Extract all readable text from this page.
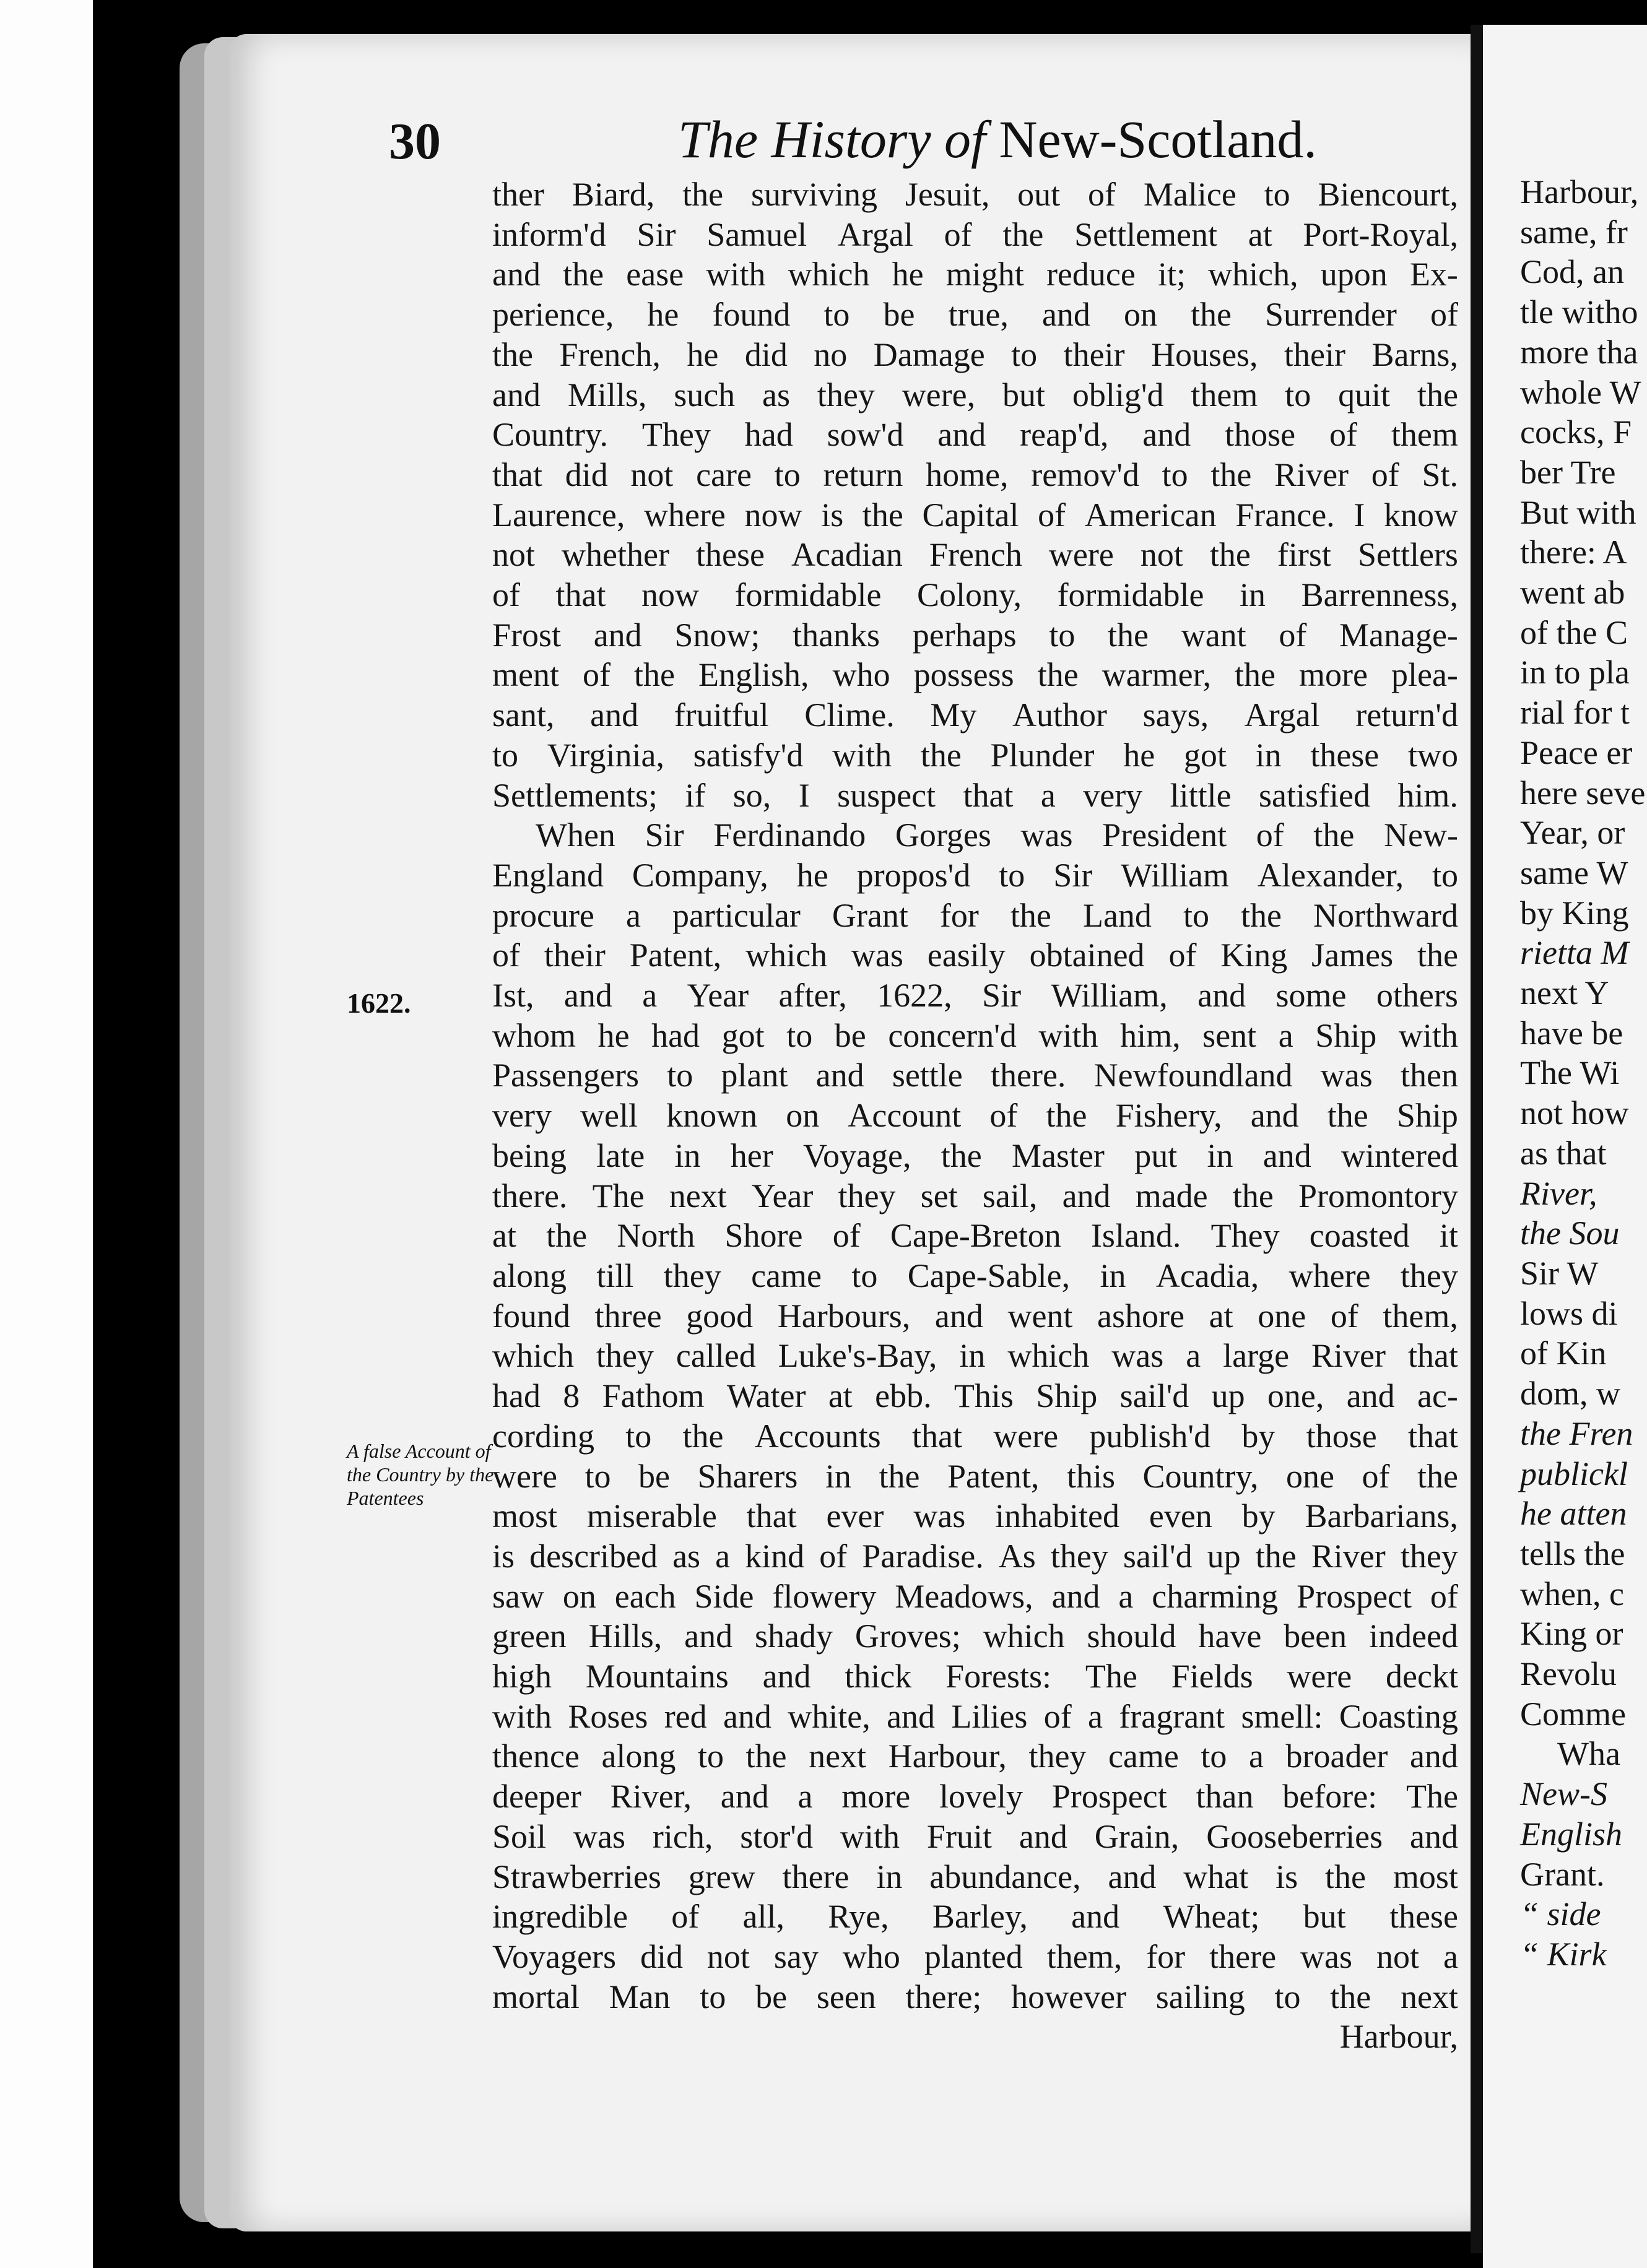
Harbour,
same, fr
Cod, an
tle witho
more tha
whole W
cocks, F
ber Tre
But with
there: A
went ab
of the C
in to pla
rial for t
Peace er
here seve
Year, or
same W
by King
rietta M
next Y
have be
The Wi
not how
as that
River,
the Sou
Sir W
lows di
of Kin
dom, w
the Fren
publickl
he atten
tells the
when, c
King or
Revolu
Comme
Wha
New-S
English
Grant.
“ side
“ Kirk
30	The History of New-Scotland.
1622.
A false Account of the Country by the Patentees
ther Biard, the surviving Jesuit, out of Malice to Biencourt,
inform'd Sir Samuel Argal of the Settlement at Port-Royal,
and the ease with which he might reduce it; which, upon Ex-
perience, he found to be true, and on the Surrender of
the French, he did no Damage to their Houses, their Barns,
and Mills, such as they were, but oblig'd them to quit the
Country. They had sow'd and reap'd, and those of them
that did not care to return home, remov'd to the River of St.
Laurence, where now is the Capital of American France. I know
not whether these Acadian French were not the first Settlers
of that now formidable Colony, formidable in Barrenness,
Frost and Snow; thanks perhaps to the want of Manage-
ment of the English, who possess the warmer, the more plea-
sant, and fruitful Clime. My Author says, Argal return'd
to Virginia, satisfy'd with the Plunder he got in these two
Settlements; if so, I suspect that a very little satisfied him.
When Sir Ferdinando Gorges was President of the New-
England Company, he propos'd to Sir William Alexander, to
procure a particular Grant for the Land to the Northward
of their Patent, which was easily obtained of King James the
Ist, and a Year after, 1622, Sir William, and some others
whom he had got to be concern'd with him, sent a Ship with
Passengers to plant and settle there. Newfoundland was then
very well known on Account of the Fishery, and the Ship
being late in her Voyage, the Master put in and wintered
there. The next Year they set sail, and made the Promontory
at the North Shore of Cape-Breton Island. They coasted it
along till they came to Cape-Sable, in Acadia, where they
found three good Harbours, and went ashore at one of them,
which they called Luke's-Bay, in which was a large River that
had 8 Fathom Water at ebb. This Ship sail'd up one, and ac-
cording to the Accounts that were publish'd by those that
were to be Sharers in the Patent, this Country, one of the
most miserable that ever was inhabited even by Barbarians,
is described as a kind of Paradise. As they sail'd up the River they
saw on each Side flowery Meadows, and a charming Prospect of
green Hills, and shady Groves; which should have been indeed
high Mountains and thick Forests: The Fields were deckt
with Roses red and white, and Lilies of a fragrant smell: Coasting
thence along to the next Harbour, they came to a broader and
deeper River, and a more lovely Prospect than before: The
Soil was rich, stor'd with Fruit and Grain, Gooseberries and
Strawberries grew there in abundance, and what is the most
ingredible of all, Rye, Barley, and Wheat; but these
Voyagers did not say who planted them, for there was not a
mortal Man to be seen there; however sailing to the next
Harbour,
